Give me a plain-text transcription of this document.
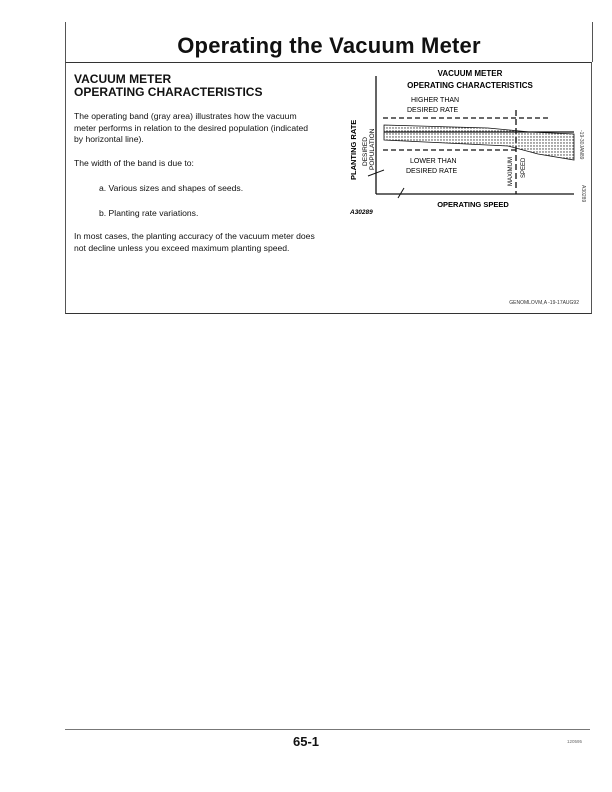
Operating the Vacuum Meter
VACUUM METER
OPERATING CHARACTERISTICS
The operating band (gray area) illustrates how the vacuum meter performs in relation to the desired population (indicated by horizontal line).
The width of the band is due to:
a. Various sizes and shapes of seeds.
b. Planting rate variations.
In most cases, the planting accuracy of the vacuum meter does not decline unless you exceed maximum planting speed.
GENOMLOVM,A -19-17AUG92
VACUUM METER
OPERATING CHARACTERISTICS
HIGHER THAN
DESIRED RATE
LOWER THAN
DESIRED RATE
PLANTING RATE DESIRED POPULATION
MAXIMUM SPEED
OPERATING SPEED
A30289
-19-30JAN89
A30289
65-1	120595
